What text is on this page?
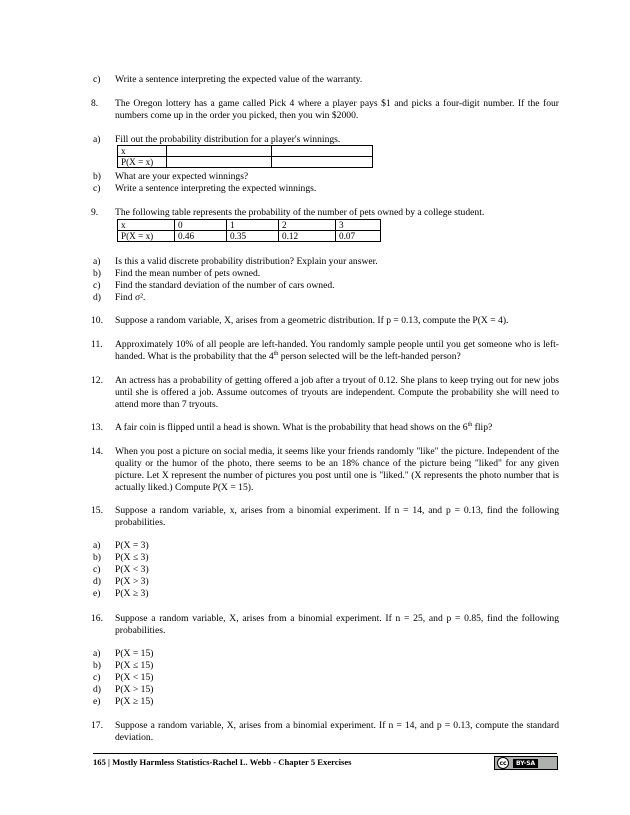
c) Write a sentence interpreting the expected value of the warranty.
8.	The Oregon lottery has a game called Pick 4 where a player pays $1 and picks a four-digit number. If the four numbers come up in the order you picked, then you win $2000.
a) Fill out the probability distribution for a player's winnings.
x		
P(X = x)		
b) What are your expected winnings?
c) Write a sentence interpreting the expected winnings.
9.	The following table represents the probability of the number of pets owned by a college student.
x	0	1	2	3
P(X = x)	0.46	0.35	0.12	0.07
a) Is this a valid discrete probability distribution? Explain your answer.
b) Find the mean number of pets owned.
c) Find the standard deviation of the number of cars owned.
d) Find σ².
10.	Suppose a random variable, X, arises from a geometric distribution. If p = 0.13, compute the P(X = 4).
11.	Approximately 10% of all people are left-handed. You randomly sample people until you get someone who is left-handed. What is the probability that the 4th person selected will be the left-handed person?
12.	An actress has a probability of getting offered a job after a tryout of 0.12. She plans to keep trying out for new jobs until she is offered a job. Assume outcomes of tryouts are independent. Compute the probability she will need to attend more than 7 tryouts.
13.	A fair coin is flipped until a head is shown. What is the probability that head shows on the 6th flip?
14.	When you post a picture on social media, it seems like your friends randomly "like" the picture. Independent of the quality or the humor of the photo, there seems to be an 18% chance of the picture being "liked" for any given picture. Let X represent the number of pictures you post until one is "liked." (X represents the photo number that is actually liked.) Compute P(X = 15).
15.	Suppose a random variable, x, arises from a binomial experiment. If n = 14, and p = 0.13, find the following probabilities.
a) P(X = 3)
b) P(X ≤ 3)
c) P(X < 3)
d) P(X > 3)
e) P(X ≥ 3)
16.	Suppose a random variable, X, arises from a binomial experiment. If n = 25, and p = 0.85, find the following probabilities.
a) P(X = 15)
b) P(X ≤ 15)
c) P(X < 15)
d) P(X > 15)
e) P(X ≥ 15)
17.	Suppose a random variable, X, arises from a binomial experiment. If n = 14, and p = 0.13, compute the standard deviation.
165 | Mostly Harmless Statistics-Rachel L. Webb - Chapter 5 Exercises	cc	BY-SA
